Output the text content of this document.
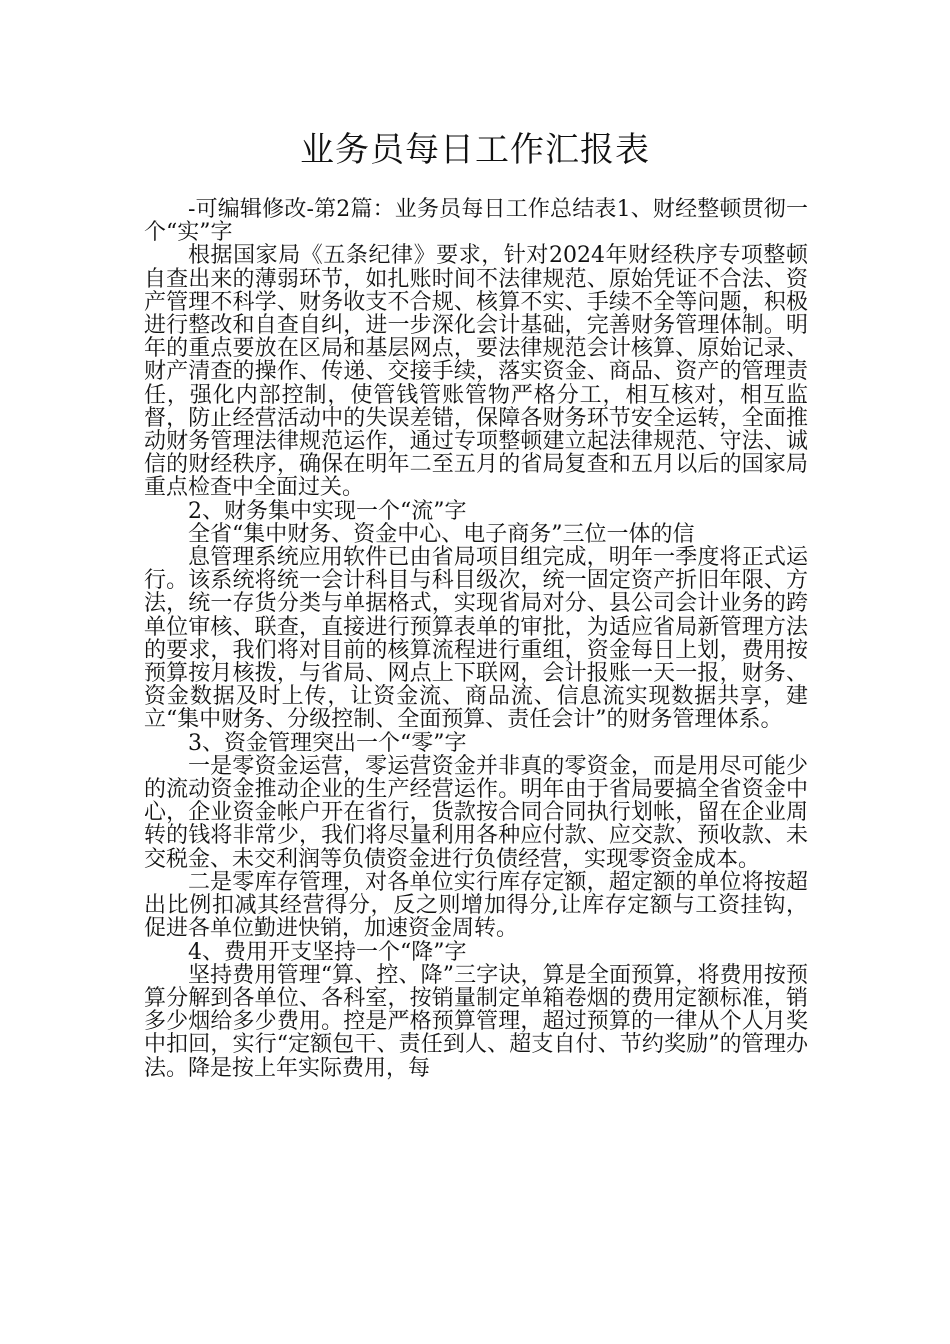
业务员每日工作汇报表

-可编辑修改-第2篇：业务员每日工作总结表1、财经整顿贯彻一个“实”字

根据国家局《五条纪律》要求，针对2024年财经秩序专项整顿自查出来的薄弱环节，如扎账时间不法律规范、原始凭证不合法、资产管理不科学、财务收支不合规、核算不实、手续不全等问题，积极进行整改和自查自纠，进一步深化会计基础，完善财务管理体制。明年的重点要放在区局和基层网点，要法律规范会计核算、原始记录、财产清查的操作、传递、交接手续，落实资金、商品、资产的管理责任，强化内部控制，使管钱管账管物严格分工，相互核对，相互监督，防止经营活动中的失误差错，保障各财务环节安全运转，全面推动财务管理法律规范运作，通过专项整顿建立起法律规范、守法、诚信的财经秩序，确保在明年二至五月的省局复查和五月以后的国家局重点检查中全面过关。

2、财务集中实现一个“流”字

全省“集中财务、资金中心、电子商务”三位一体的信

息管理系统应用软件已由省局项目组完成，明年一季度将正式运行。该系统将统一会计科目与科目级次，统一固定资产折旧年限、方法，统一存货分类与单据格式，实现省局对分、县公司会计业务的跨单位审核、联查，直接进行预算表单的审批，为适应省局新管理方法的要求，我们将对目前的核算流程进行重组，资金每日上划，费用按预算按月核拨，与省局、网点上下联网，会计报账一天一报，财务、资金数据及时上传，让资金流、商品流、信息流实现数据共享，建立“集中财务、分级控制、全面预算、责任会计”的财务管理体系。

3、资金管理突出一个“零”字

一是零资金运营，零运营资金并非真的零资金，而是用尽可能少的流动资金推动企业的生产经营运作。明年由于省局要搞全省资金中心，企业资金帐户开在省行，货款按合同合同执行划帐，留在企业周转的钱将非常少，我们将尽量利用各种应付款、应交款、预收款、未交税金、未交利润等负债资金进行负债经营，实现零资金成本。

二是零库存管理，对各单位实行库存定额，超定额的单位将按超出比例扣减其经营得分，反之则增加得分,让库存定额与工资挂钩，促进各单位勤进快销，加速资金周转。

4、费用开支坚持一个“降”字

坚持费用管理“算、控、降”三字诀，算是全面预算，将费用按预算分解到各单位、各科室，按销量制定单箱卷烟的费用定额标准，销多少烟给多少费用。控是严格预算管理，超过预算的一律从个人月奖中扣回，实行“定额包干、责任到人、超支自付、节约奖励”的管理办法。降是按上年实际费用，每
